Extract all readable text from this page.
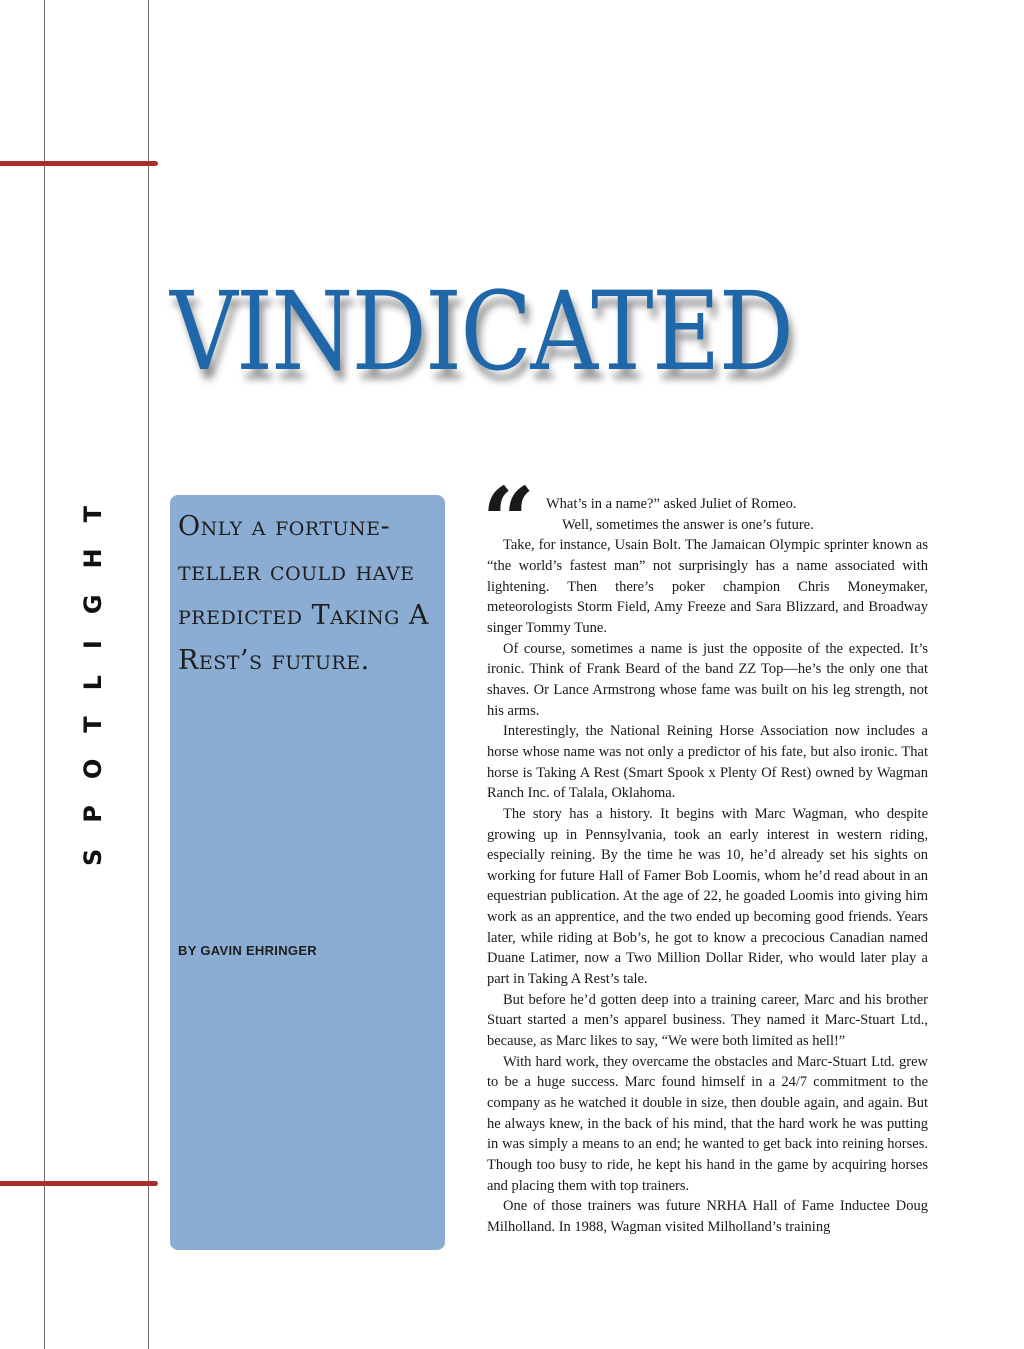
SPOTLIGHT
VINDICATED

Only a fortune-teller could have predicted Taking A Rest’s future.

BY GAVIN EHRINGER
“ What’s in a name?” asked Juliet of Romeo.

Well, sometimes the answer is one’s future.

Take, for instance, Usain Bolt. The Jamaican Olympic sprinter known as “the world’s fastest man” not surprisingly has a name associated with lightening. Then there’s poker champion Chris Moneymaker, meteorologists Storm Field, Amy Freeze and Sara Blizzard, and Broadway singer Tommy Tune.

Of course, sometimes a name is just the opposite of the expected. It’s ironic. Think of Frank Beard of the band ZZ Top—he’s the only one that shaves. Or Lance Armstrong whose fame was built on his leg strength, not his arms.

Interestingly, the National Reining Horse Association now includes a horse whose name was not only a predictor of his fate, but also ironic. That horse is Taking A Rest (Smart Spook x Plenty Of Rest) owned by Wagman Ranch Inc. of Talala, Oklahoma.

The story has a history. It begins with Marc Wagman, who despite growing up in Pennsylvania, took an early interest in western riding, especially reining. By the time he was 10, he’d already set his sights on working for future Hall of Famer Bob Loomis, whom he’d read about in an equestrian publication. At the age of 22, he goaded Loomis into giving him work as an apprentice, and the two ended up becoming good friends. Years later, while riding at Bob’s, he got to know a precocious Canadian named Duane Latimer, now a Two Million Dollar Rider, who would later play a part in Taking A Rest’s tale.

But before he’d gotten deep into a training career, Marc and his brother Stuart started a men’s apparel business. They named it Marc-Stuart Ltd., because, as Marc likes to say, “We were both limited as hell!”

With hard work, they overcame the obstacles and Marc-Stuart Ltd. grew to be a huge success. Marc found himself in a 24/7 commitment to the company as he watched it double in size, then double again, and again. But he always knew, in the back of his mind, that the hard work he was putting in was simply a means to an end; he wanted to get back into reining horses. Though too busy to ride, he kept his hand in the game by acquiring horses and placing them with top trainers.

One of those trainers was future NRHA Hall of Fame Inductee Doug Milholland. In 1988, Wagman visited Milholland’s training
